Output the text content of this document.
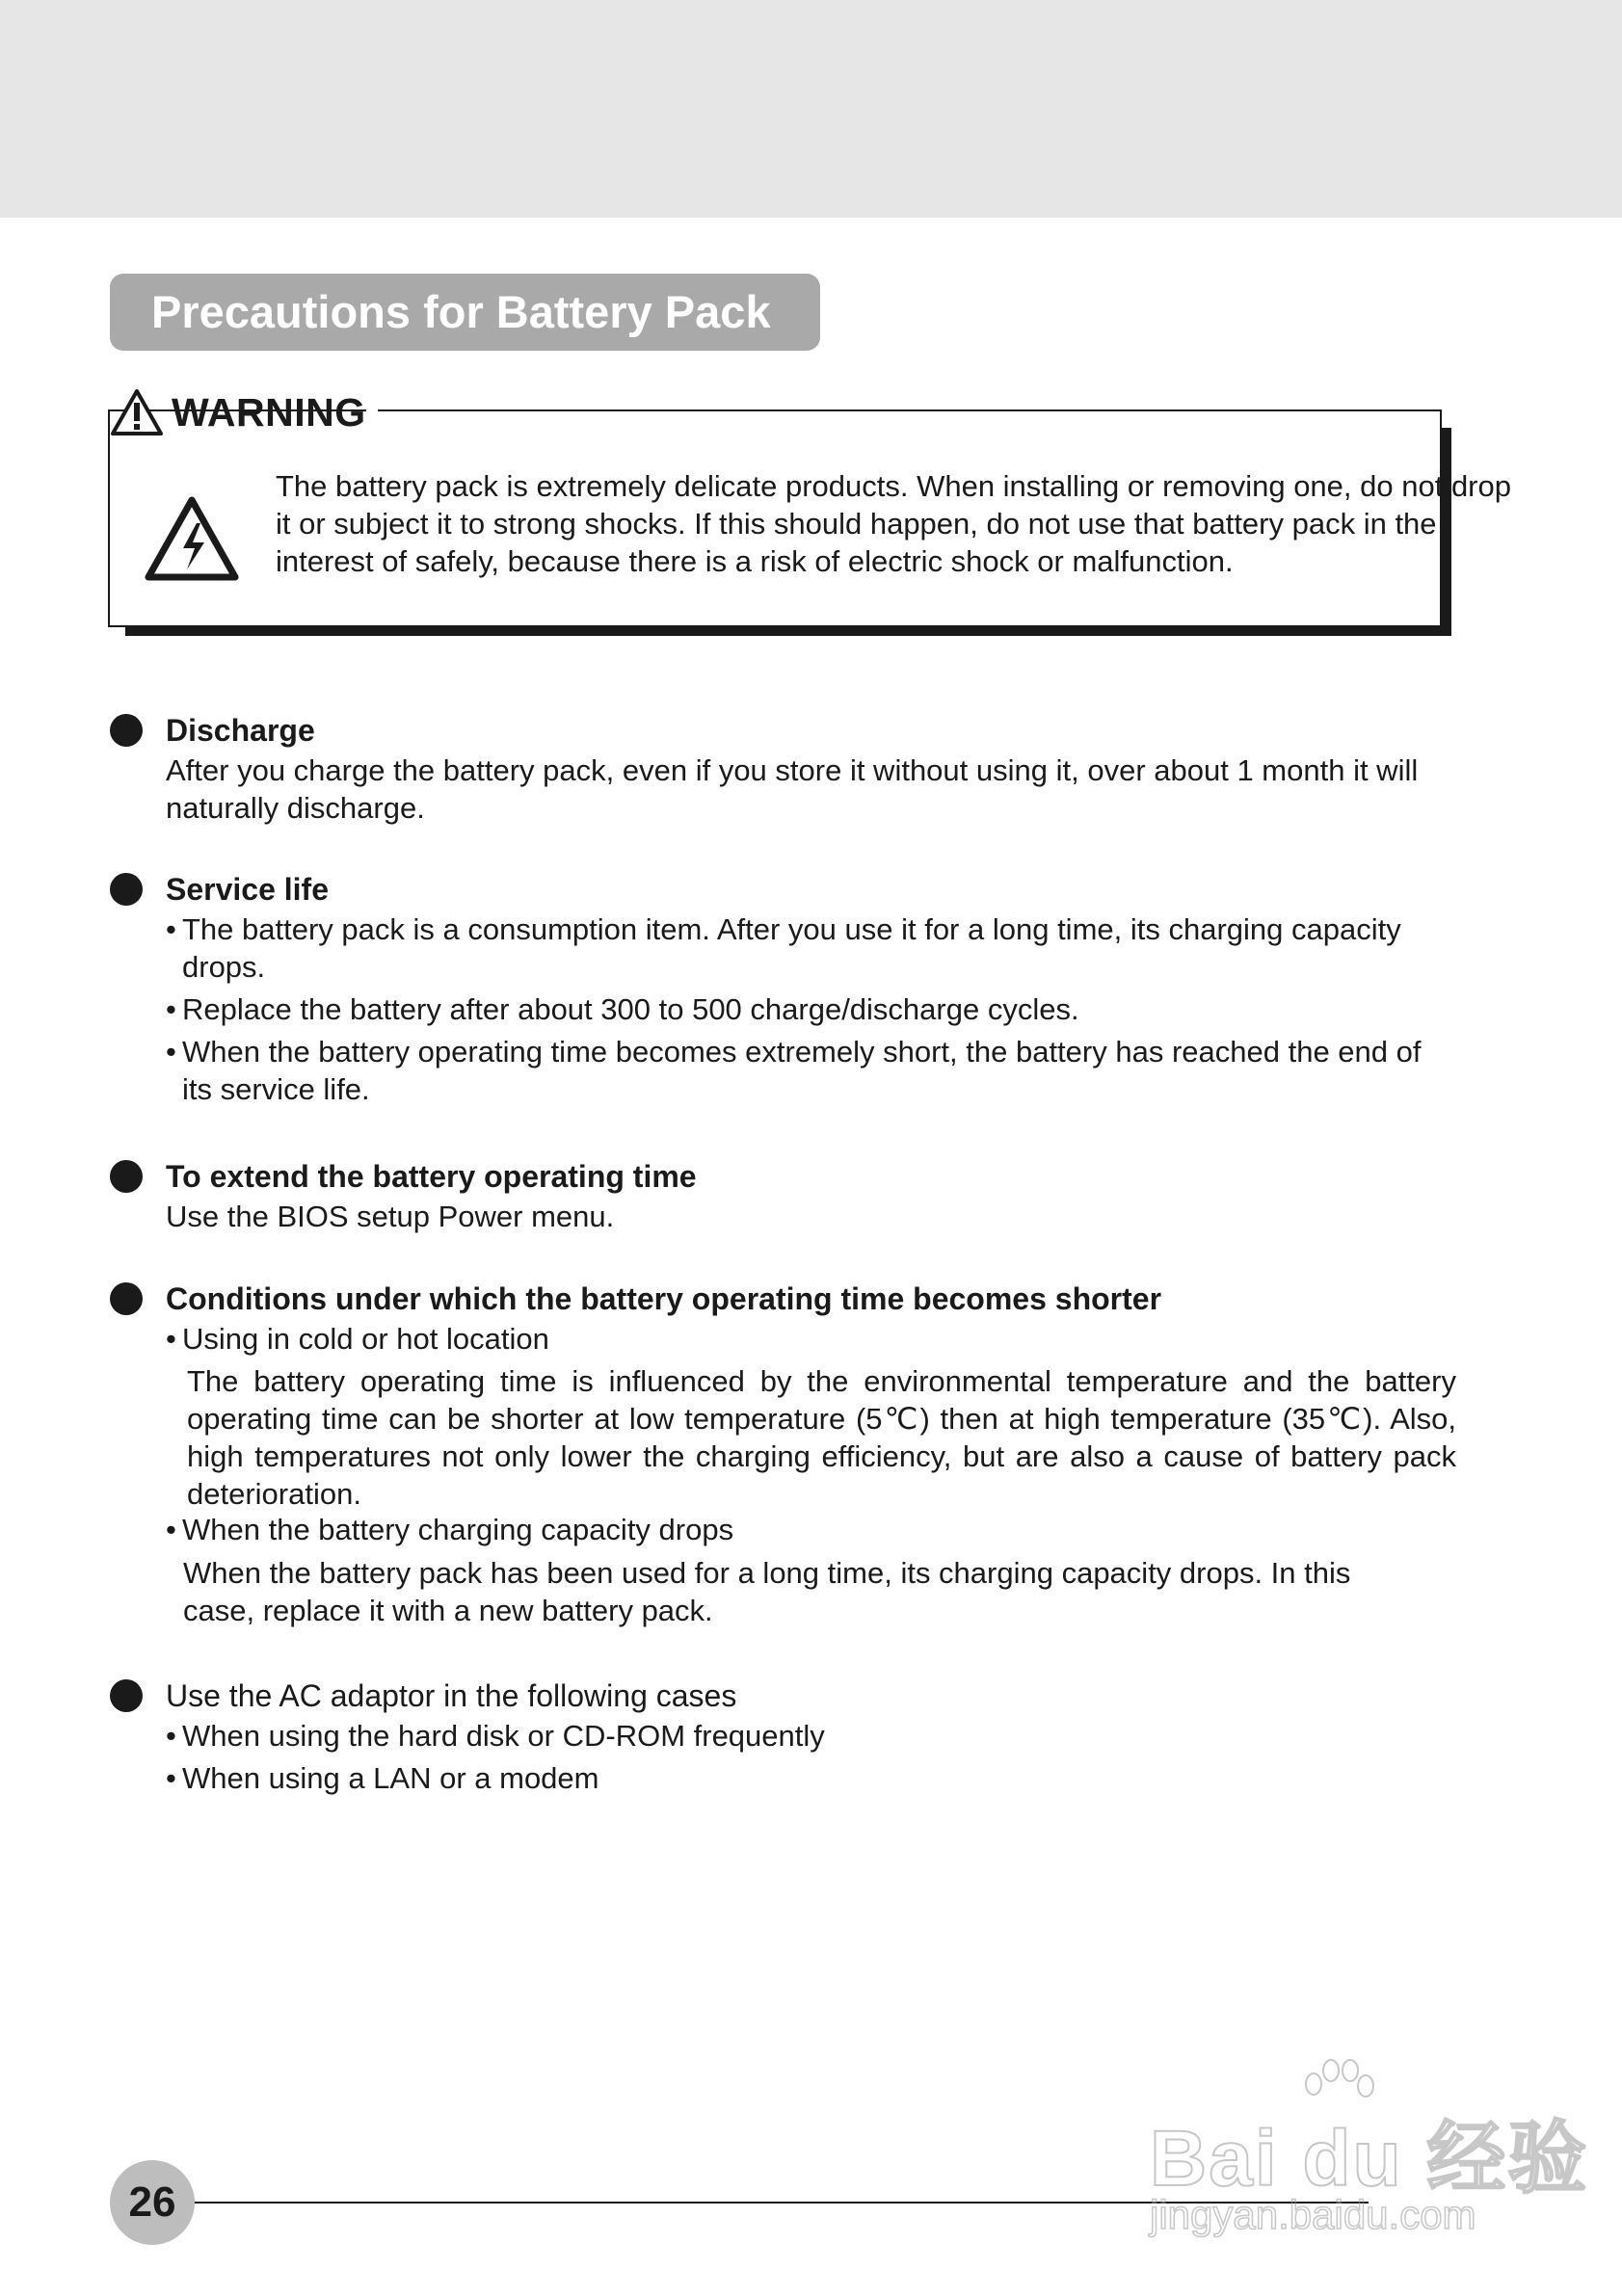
Precautions for Battery Pack
The battery pack is extremely delicate products. When installing or removing one, do not drop it or subject it to strong shocks. If this should happen, do not use that battery pack in the interest of safely, because there is a risk of electric shock or malfunction.
WARNING
Discharge
After you charge the battery pack, even if you store it without using it, over about 1 month it will naturally discharge.
Service life
• The battery pack is a consumption item. After you use it for a long time, its charging capacity drops.
• Replace the battery after about 300 to 500 charge/discharge cycles.
• When the battery operating time becomes extremely short, the battery has reached the end of its service life.
To extend the battery operating time
Use the BIOS setup Power menu.
Conditions under which the battery operating time becomes shorter
• Using in cold or hot location
The battery operating time is influenced by the environmental temperature and the battery operating time can be shorter at low temperature (5℃) then at high temperature (35℃). Also, high temperatures not only lower the charging efficiency, but are also a cause of battery pack deterioration.
• When the battery charging capacity drops
When the battery pack has been used for a long time, its charging capacity drops. In this case, replace it with a new battery pack.
Use the AC adaptor in the following cases
• When using the hard disk or CD-ROM frequently
• When using a LAN or a modem
26	Bai du 经验
jingyan.baidu.com
